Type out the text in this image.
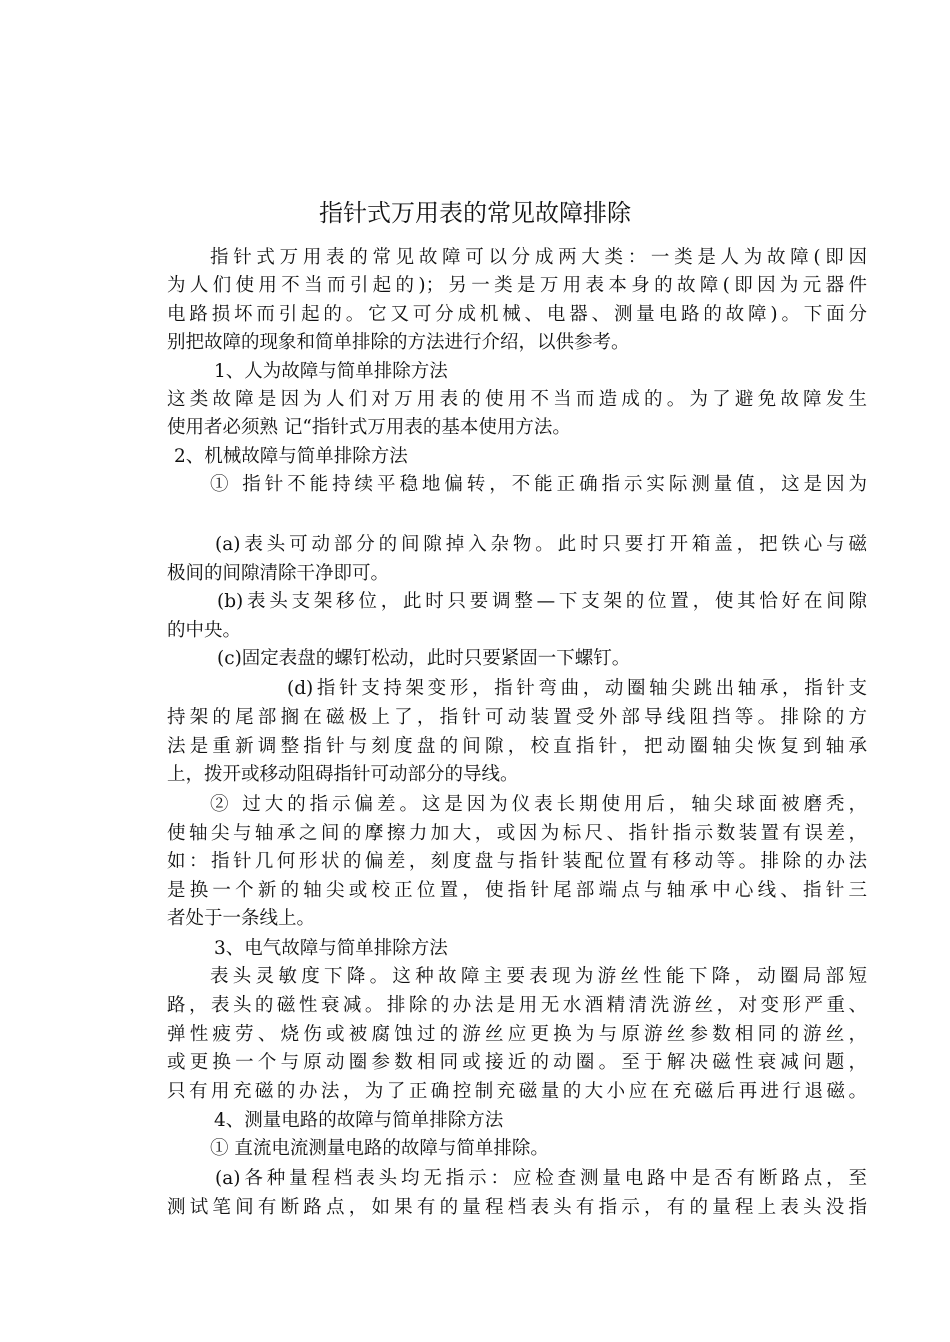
指针式万用表的常见故障排除
指针式万用表的常见故障可以分成两大类：一类是人为故障(即因
为人们使用不当而引起的)；另一类是万用表本身的故障(即因为元器件
电路损坏而引起的。它又可分成机械、电器、测量电路的故障)。下面分
别把故障的现象和简单排除的方法进行介绍，以供参考。
1、人为故障与简单排除方法
这类故障是因为人们对万用表的使用不当而造成的。为了避免故障发生
使用者必须熟 记“指针式万用表的基本使用方法。
2、机械故障与简单排除方法
① 指针不能持续平稳地偏转，不能正确指示实际测量值，这是因为
(a)表头可动部分的间隙掉入杂物。此时只要打开箱盖，把铁心与磁
极间的间隙清除干净即可。
(b)表头支架移位，此时只要调整—下支架的位置，使其恰好在间隙
的中央。
(c)固定表盘的螺钉松动，此时只要紧固一下螺钉。
(d)指针支持架变形，指针弯曲，动圈轴尖跳出轴承，指针支
持架的尾部搁在磁极上了，指针可动装置受外部导线阻挡等。排除的方
法是重新调整指针与刻度盘的间隙，校直指针，把动圈轴尖恢复到轴承
上，拨开或移动阻碍指针可动部分的导线。
② 过大的指示偏差。这是因为仪表长期使用后，轴尖球面被磨秃，
使轴尖与轴承之间的摩擦力加大，或因为标尺、指针指示数装置有误差，
如：指针几何形状的偏差，刻度盘与指针装配位置有移动等。排除的办法
是换一个新的轴尖或校正位置，使指针尾部端点与轴承中心线、指针三
者处于一条线上。
3、电气故障与简单排除方法
表头灵敏度下降。这种故障主要表现为游丝性能下降，动圈局部短
路，表头的磁性衰减。排除的办法是用无水酒精清洗游丝，对变形严重、
弹性疲劳、烧伤或被腐蚀过的游丝应更换为与原游丝参数相同的游丝，
或更换一个与原动圈参数相同或接近的动圈。至于解决磁性衰减问题，
只有用充磁的办法，为了正确控制充磁量的大小应在充磁后再进行退磁。
4、测量电路的故障与简单排除方法
① 直流电流测量电路的故障与简单排除。
(a)各种量程档表头均无指示：应检查测量电路中是否有断路点，至
测试笔间有断路点，如果有的量程档表头有指示，有的量程上表头没指
